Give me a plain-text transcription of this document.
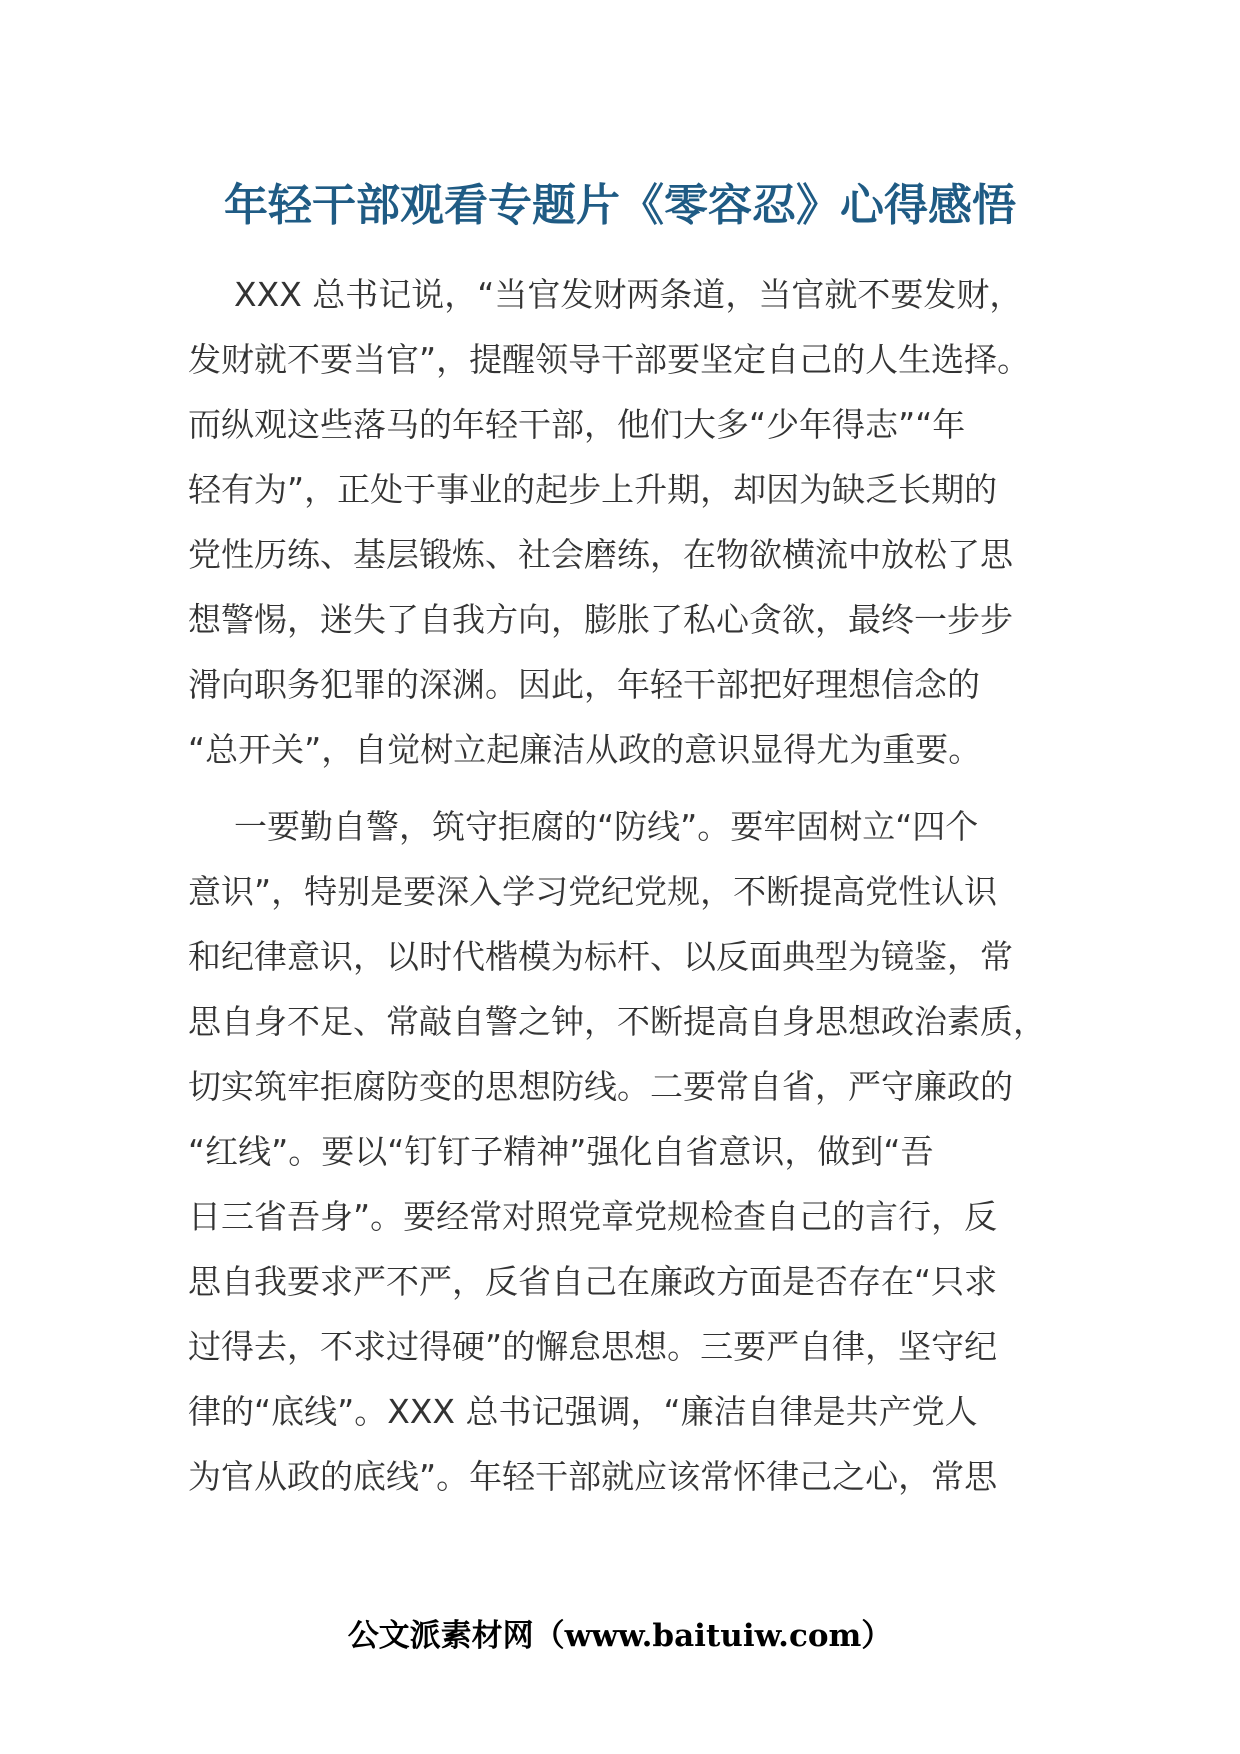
年轻干部观看专题片《零容忍》心得感悟
XXX 总书记说，“当官发财两条道，当官就不要发财，
发财就不要当官”，提醒领导干部要坚定自己的人生选择。
而纵观这些落马的年轻干部，他们大多“少年得志”“年
轻有为”，正处于事业的起步上升期，却因为缺乏长期的
党性历练、基层锻炼、社会磨练，在物欲横流中放松了思
想警惕，迷失了自我方向，膨胀了私心贪欲，最终一步步
滑向职务犯罪的深渊。因此，年轻干部把好理想信念的
“总开关”，自觉树立起廉洁从政的意识显得尤为重要。
一要勤自警，筑守拒腐的“防线”。要牢固树立“四个
意识”，特别是要深入学习党纪党规，不断提高党性认识
和纪律意识，以时代楷模为标杆、以反面典型为镜鉴，常
思自身不足、常敲自警之钟，不断提高自身思想政治素质，
切实筑牢拒腐防变的思想防线。二要常自省，严守廉政的
“红线”。要以“钉钉子精神”强化自省意识，做到“吾
日三省吾身”。要经常对照党章党规检查自己的言行，反
思自我要求严不严，反省自己在廉政方面是否存在“只求
过得去，不求过得硬”的懈怠思想。三要严自律，坚守纪
律的“底线”。XXX 总书记强调，“廉洁自律是共产党人
为官从政的底线”。年轻干部就应该常怀律己之心，常思
公文派素材网（www.baituiw.com）
